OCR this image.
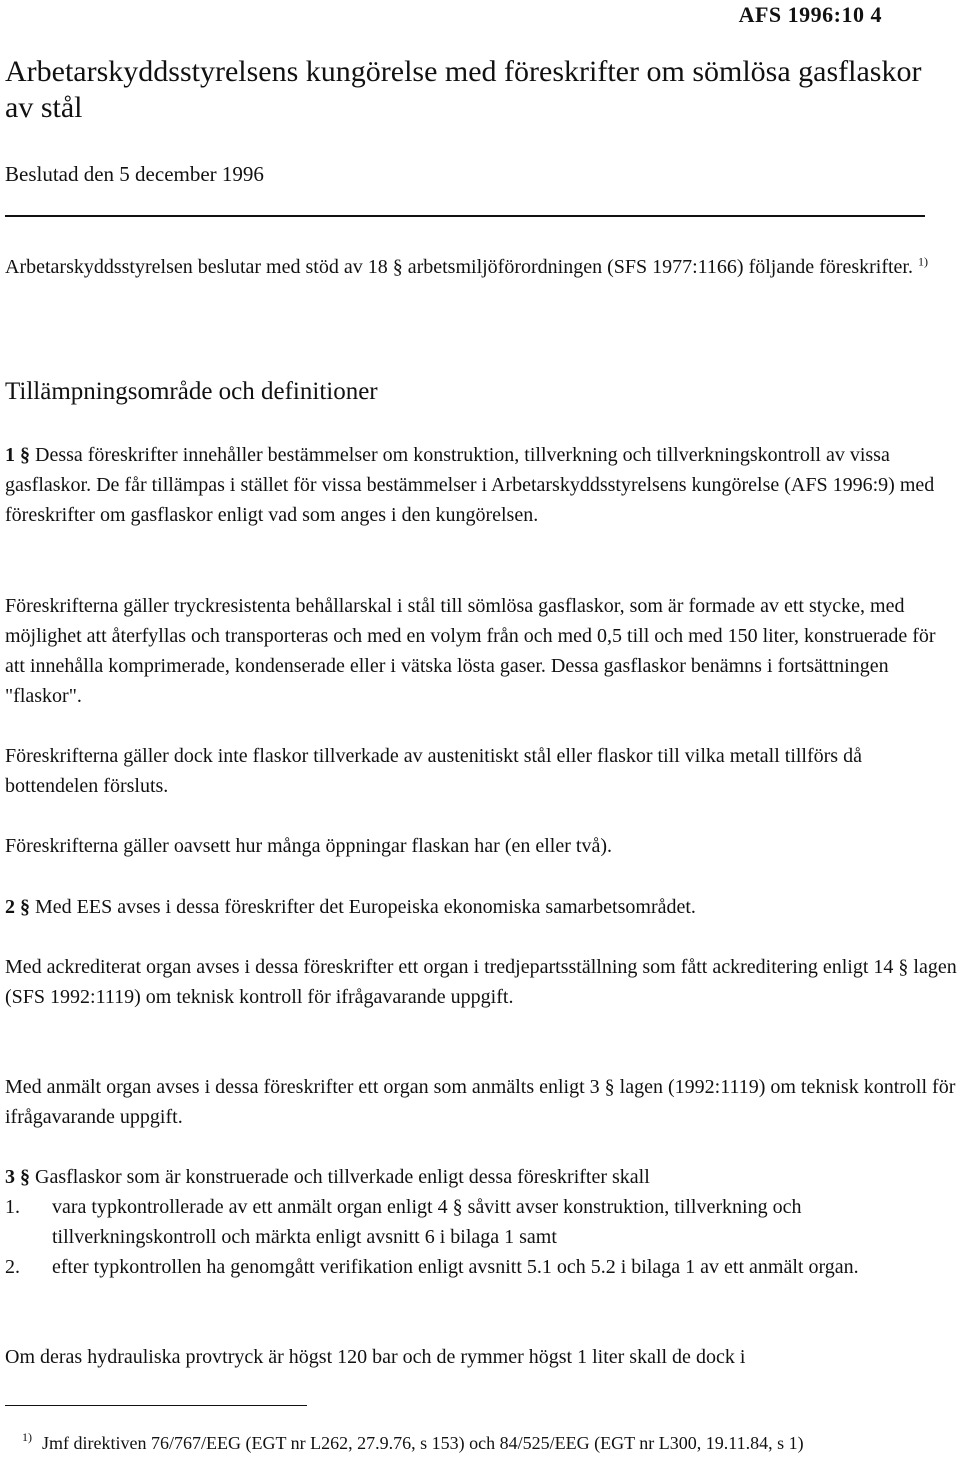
AFS 1996:10 4
Arbetarskyddsstyrelsens kungörelse med föreskrifter om sömlösa gasflaskor av stål
Beslutad den 5 december 1996

Arbetarskyddsstyrelsen beslutar med stöd av 18 § arbetsmiljöförordningen (SFS 1977:1166) följande föreskrifter. $^{1)}$

Tillämpningsområde och definitioner

1 § Dessa föreskrifter innehåller bestämmelser om konstruktion, tillverkning och tillverkningskontroll av vissa gasflaskor. De får tillämpas i stället för vissa bestämmelser i Arbetarskyddsstyrelsens kungörelse (AFS 1996:9) med föreskrifter om gasflaskor enligt vad som anges i den kungörelsen.

Föreskrifterna gäller tryckresistenta behållarskal i stål till sömlösa gasflaskor, som är formade av ett stycke, med möjlighet att återfyllas och transporteras och med en volym från och med 0,5 till och med 150 liter, konstruerade för att innehålla komprimerade, kondenserade eller i vätska lösta gaser. Dessa gasflaskor benämns i fortsättningen "flaskor".

Föreskrifterna gäller dock inte flaskor tillverkade av austenitiskt stål eller flaskor till vilka metall tillförs då bottendelen försluts.

Föreskrifterna gäller oavsett hur många öppningar flaskan har (en eller två).

2 § Med EES avses i dessa föreskrifter det Europeiska ekonomiska samarbetsområdet.

Med ackrediterat organ avses i dessa föreskrifter ett organ i tredjepartsställning som fått ackreditering enligt 14 § lagen (SFS 1992:1119) om teknisk kontroll för ifrågavarande uppgift.

Med anmält organ avses i dessa föreskrifter ett organ som anmälts enligt 3 § lagen (1992:1119) om teknisk kontroll för ifrågavarande uppgift.

3 § Gasflaskor som är konstruerade och tillverkade enligt dessa föreskrifter skall

1.	vara typkontrollerade av ett anmält organ enligt 4 § såvitt avser konstruktion, tillverkning och tillverkningskontroll och märkta enligt avsnitt 6 i bilaga 1 samt
2.	efter typkontrollen ha genomgått verifikation enligt avsnitt 5.1 och 5.2 i bilaga 1 av ett anmält organ.

Om deras hydrauliska provtryck är högst 120 bar och de rymmer högst 1 liter skall de dock i

1) Jmf direktiven 76/767/EEG (EGT nr L262, 27.9.76, s 153) och 84/525/EEG (EGT nr L300, 19.11.84, s 1)
